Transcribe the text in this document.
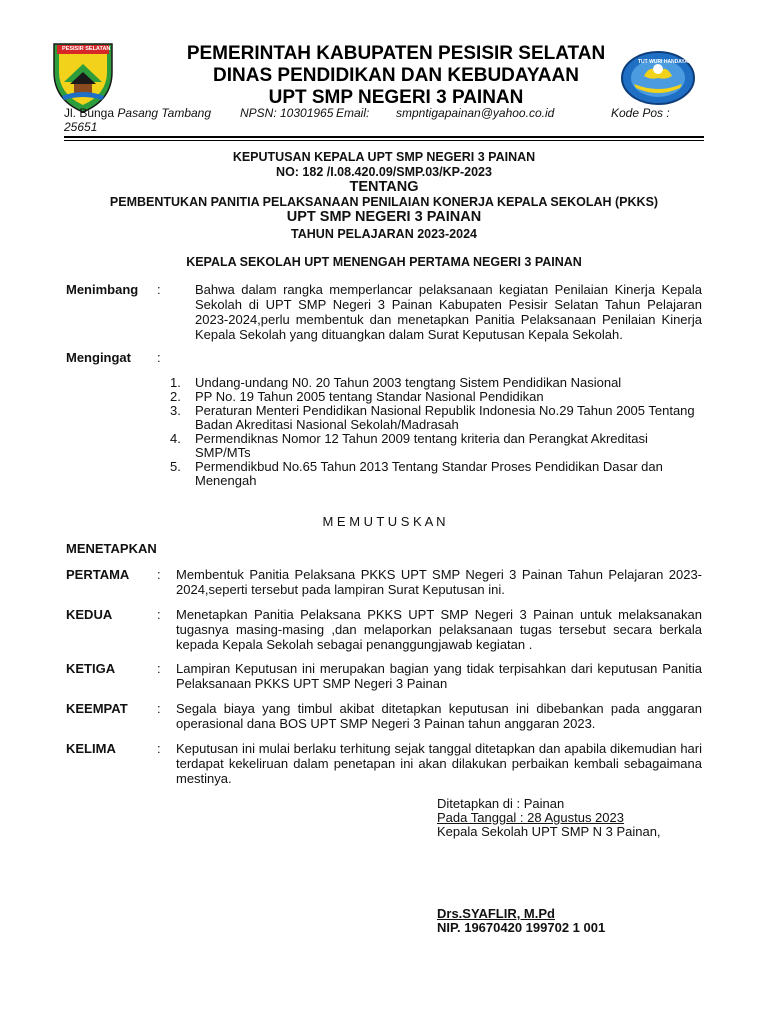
PESISIR SELATAN
TUT WURI HANDAYANI
PEMERINTAH KABUPATEN PESISIR SELATAN
DINAS PENDIDIKAN DAN KEBUDAYAAN
UPT SMP NEGERI 3 PAINAN
Jl. Bunga Pasang Tambang NPSN: 10301965 Email: smpntigapainan@yahoo.co.id	Kode Pos :
25651
KEPUTUSAN KEPALA UPT SMP NEGERI 3 PAINAN
NO: 182 /I.08.420.09/SMP.03/KP-2023
TENTANG
PEMBENTUKAN PANITIA PELAKSANAAN PENILAIAN KONERJA KEPALA SEKOLAH (PKKS)
UPT SMP NEGERI 3 PAINAN
TAHUN PELAJARAN 2023-2024
KEPALA SEKOLAH UPT MENENGAH PERTAMA NEGERI 3 PAINAN
Menimbang :	Bahwa dalam rangka memperlancar pelaksanaan kegiatan Penilaian Kinerja Kepala Sekolah di UPT SMP Negeri 3 Painan Kabupaten Pesisir Selatan Tahun Pelajaran 2023-2024,perlu membentuk dan menetapkan Panitia Pelaksanaan Penilaian Kinerja Kepala Sekolah yang dituangkan dalam Surat Keputusan Kepala Sekolah.
Mengingat :
1.	Undang-undang N0. 20 Tahun 2003 tengtang Sistem Pendidikan Nasional
2.	PP No. 19 Tahun 2005 tentang Standar Nasional Pendidikan
3.	Peraturan Menteri Pendidikan Nasional Republik Indonesia No.29 Tahun 2005 Tentang Badan Akreditasi Nasional Sekolah/Madrasah
4.	Permendiknas Nomor 12 Tahun 2009 tentang kriteria dan Perangkat Akreditasi SMP/MTs
5.	Permendikbud No.65 Tahun 2013 Tentang Standar Proses Pendidikan Dasar dan Menengah
M E M U T U S K A N
MENETAPKAN
PERTAMA : Membentuk Panitia Pelaksana PKKS UPT SMP Negeri 3 Painan Tahun Pelajaran 2023-2024,seperti tersebut pada lampiran Surat Keputusan ini.
KEDUA	: Menetapkan Panitia Pelaksana PKKS UPT SMP Negeri 3 Painan untuk melaksanakan tugasnya masing-masing ,dan melaporkan pelaksanaan tugas tersebut secara berkala kepada Kepala Sekolah sebagai penanggungjawab kegiatan .
KETIGA	: Lampiran Keputusan ini merupakan bagian yang tidak terpisahkan dari keputusan Panitia Pelaksanaan PKKS UPT SMP Negeri 3 Painan
KEEMPAT : Segala biaya yang timbul akibat ditetapkan keputusan ini dibebankan pada anggaran operasional dana BOS UPT SMP Negeri 3 Painan tahun anggaran 2023.
KELIMA	: Keputusan ini mulai berlaku terhitung sejak tanggal ditetapkan dan apabila dikemudian hari terdapat kekeliruan dalam penetapan ini akan dilakukan perbaikan kembali sebagaimana mestinya.
Ditetapkan di : Painan
Pada Tanggal : 28 Agustus 2023
Kepala Sekolah UPT SMP N 3 Painan,
Drs.SYAFLIR, M.Pd
NIP. 19670420 199702 1 001
